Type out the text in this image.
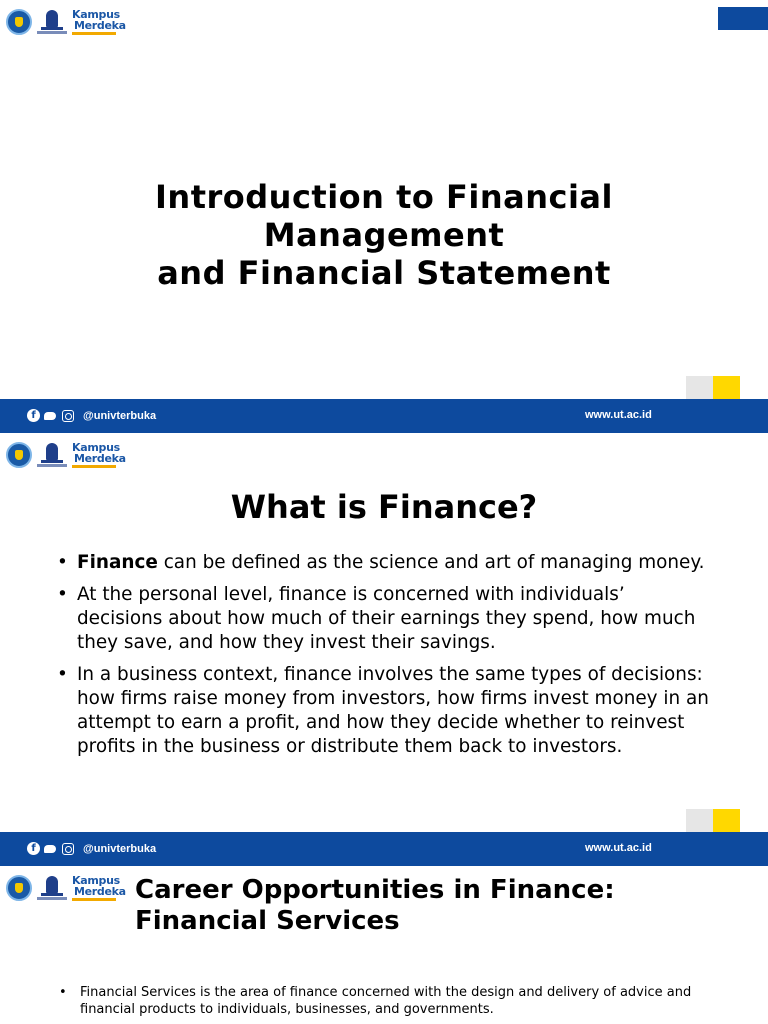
Kampus
Merdeka
Introduction to Financial
Management
and Financial Statement
f	@univterbuka	www.ut.ac.id
Kampus
Merdeka
What is Finance?
• Finance can be defined as the science and art of managing money.
• At the personal level, finance is concerned with individuals’ decisions about how much of their earnings they spend, how much they save, and how they invest their savings.
• In a business context, finance involves the same types of decisions: how firms raise money from investors, how firms invest money in an attempt to earn a profit, and how they decide whether to reinvest profits in the business or distribute them back to investors.
f	@univterbuka	www.ut.ac.id
Kampus
Merdeka Career Opportunities in Finance:
Financial Services
• Financial Services is the area of finance concerned with the design and delivery of advice and financial products to individuals, businesses, and governments.
